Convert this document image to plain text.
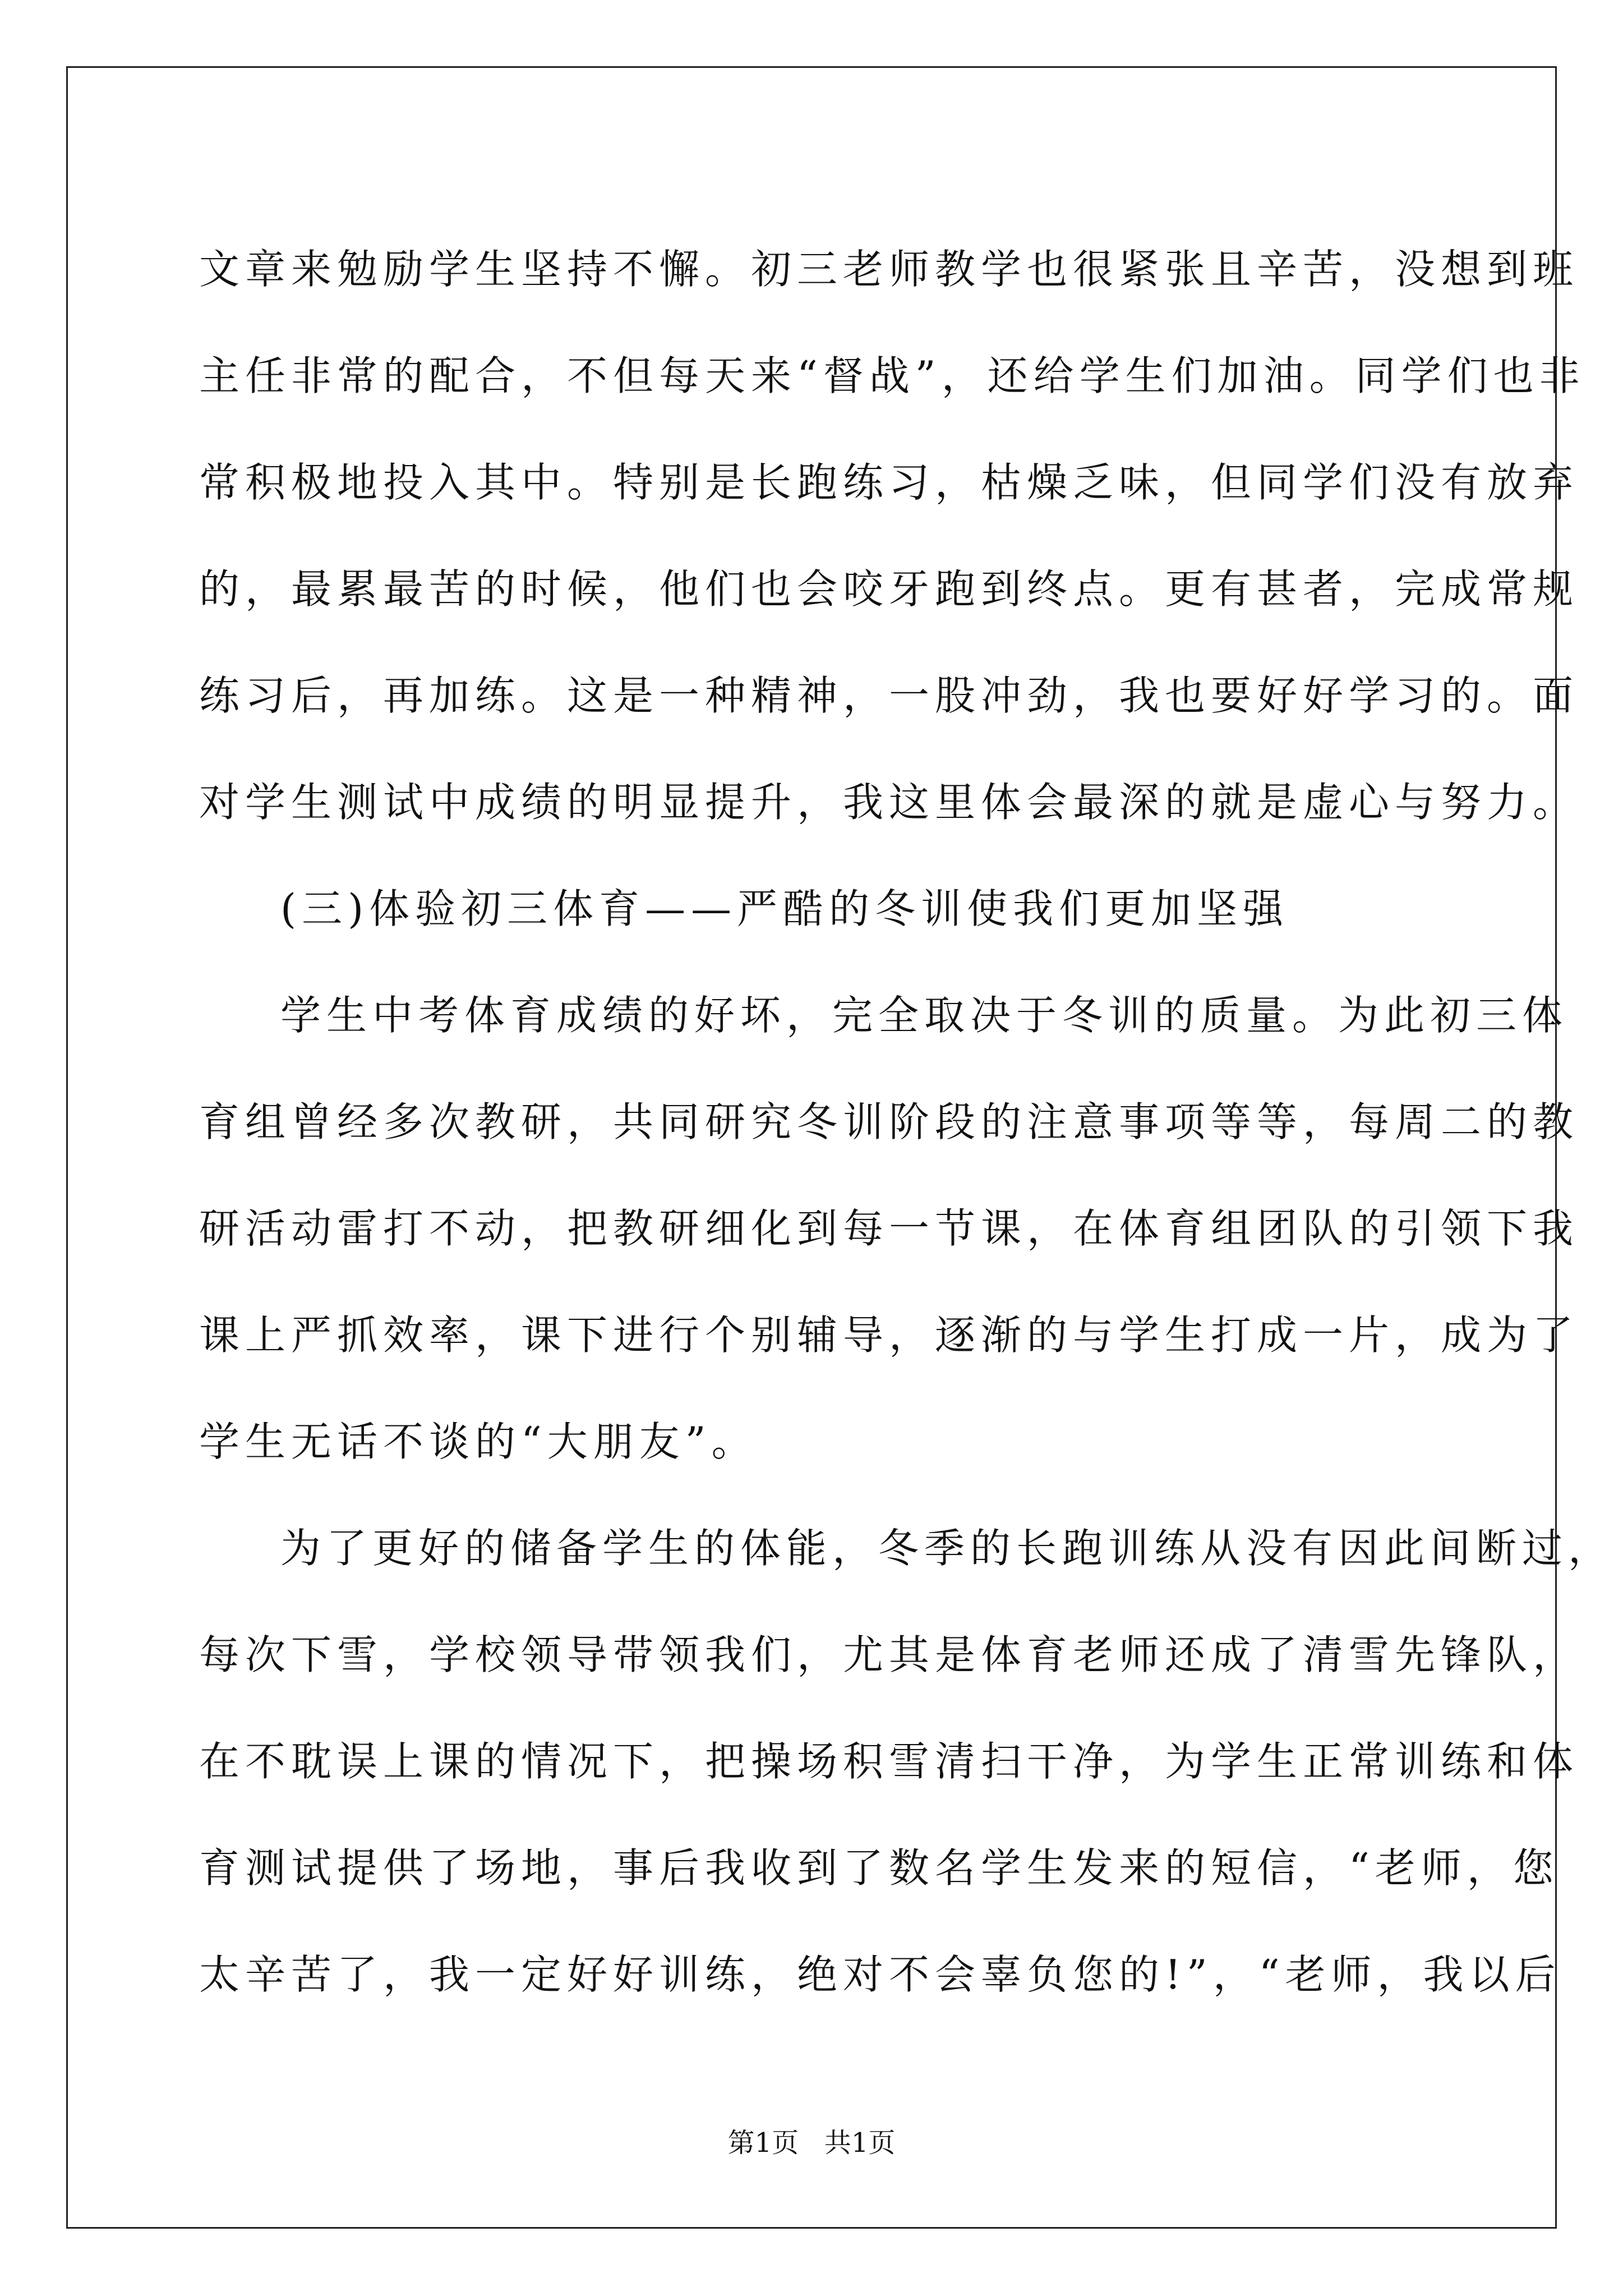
文章来勉励学生坚持不懈。初三老师教学也很紧张且辛苦，没想到班
主任非常的配合，不但每天来“督战”，还给学生们加油。同学们也非
常积极地投入其中。特别是长跑练习，枯燥乏味，但同学们没有放弃
的，最累最苦的时候，他们也会咬牙跑到终点。更有甚者，完成常规
练习后，再加练。这是一种精神，一股冲劲，我也要好好学习的。面
对学生测试中成绩的明显提升，我这里体会最深的就是虚心与努力。
(三)体验初三体育——严酷的冬训使我们更加坚强
学生中考体育成绩的好坏，完全取决于冬训的质量。为此初三体
育组曾经多次教研，共同研究冬训阶段的注意事项等等，每周二的教
研活动雷打不动，把教研细化到每一节课，在体育组团队的引领下我
课上严抓效率，课下进行个别辅导，逐渐的与学生打成一片，成为了
学生无话不谈的“大朋友”。
为了更好的储备学生的体能，冬季的长跑训练从没有因此间断过，
每次下雪，学校领导带领我们，尤其是体育老师还成了清雪先锋队，
在不耽误上课的情况下，把操场积雪清扫干净，为学生正常训练和体
育测试提供了场地，事后我收到了数名学生发来的短信，“老师，您
太辛苦了，我一定好好训练，绝对不会辜负您的!”，“老师，我以后
第1页   共1页
